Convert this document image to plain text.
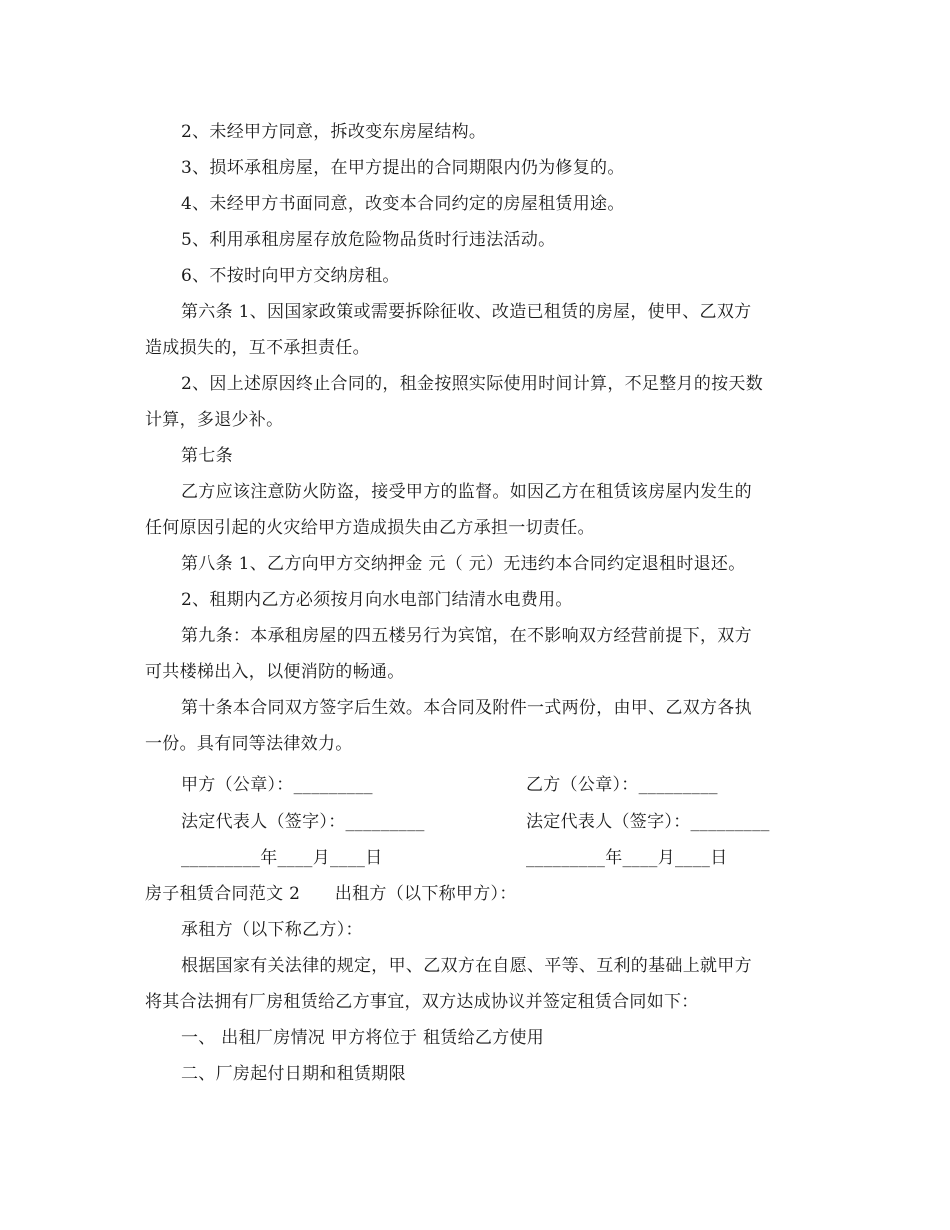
2、未经甲方同意，拆改变东房屋结构。
3、损坏承租房屋，在甲方提出的合同期限内仍为修复的。
4、未经甲方书面同意，改变本合同约定的房屋租赁用途。
5、利用承租房屋存放危险物品货时行违法活动。
6、不按时向甲方交纳房租。
第六条 1、因国家政策或需要拆除征收、改造已租赁的房屋，使甲、乙双方
造成损失的，互不承担责任。
2、因上述原因终止合同的，租金按照实际使用时间计算，不足整月的按天数
计算，多退少补。
第七条
乙方应该注意防火防盗，接受甲方的监督。如因乙方在租赁该房屋内发生的
任何原因引起的火灾给甲方造成损失由乙方承担一切责任。
第八条 1、乙方向甲方交纳押金 元（ 元）无违约本合同约定退租时退还。
2、租期内乙方必须按月向水电部门结清水电费用。
第九条：本承租房屋的四五楼另行为宾馆，在不影响双方经营前提下，双方
可共楼梯出入，以便消防的畅通。
第十条本合同双方签字后生效。本合同及附件一式两份，由甲、乙双方各执
一份。具有同等法律效力。
甲方（公章）：_________	乙方（公章）：_________
法定代表人（签字）：_________	法定代表人（签字）：_________
_________年____月____日	_________年____月____日
房子租赁合同范文 2　　出租方（以下称甲方）：
承租方（以下称乙方）：
根据国家有关法律的规定，甲、乙双方在自愿、平等、互利的基础上就甲方
将其合法拥有厂房租赁给乙方事宜，双方达成协议并签定租赁合同如下：
一、 出租厂房情况 甲方将位于 租赁给乙方使用
二、厂房起付日期和租赁期限
